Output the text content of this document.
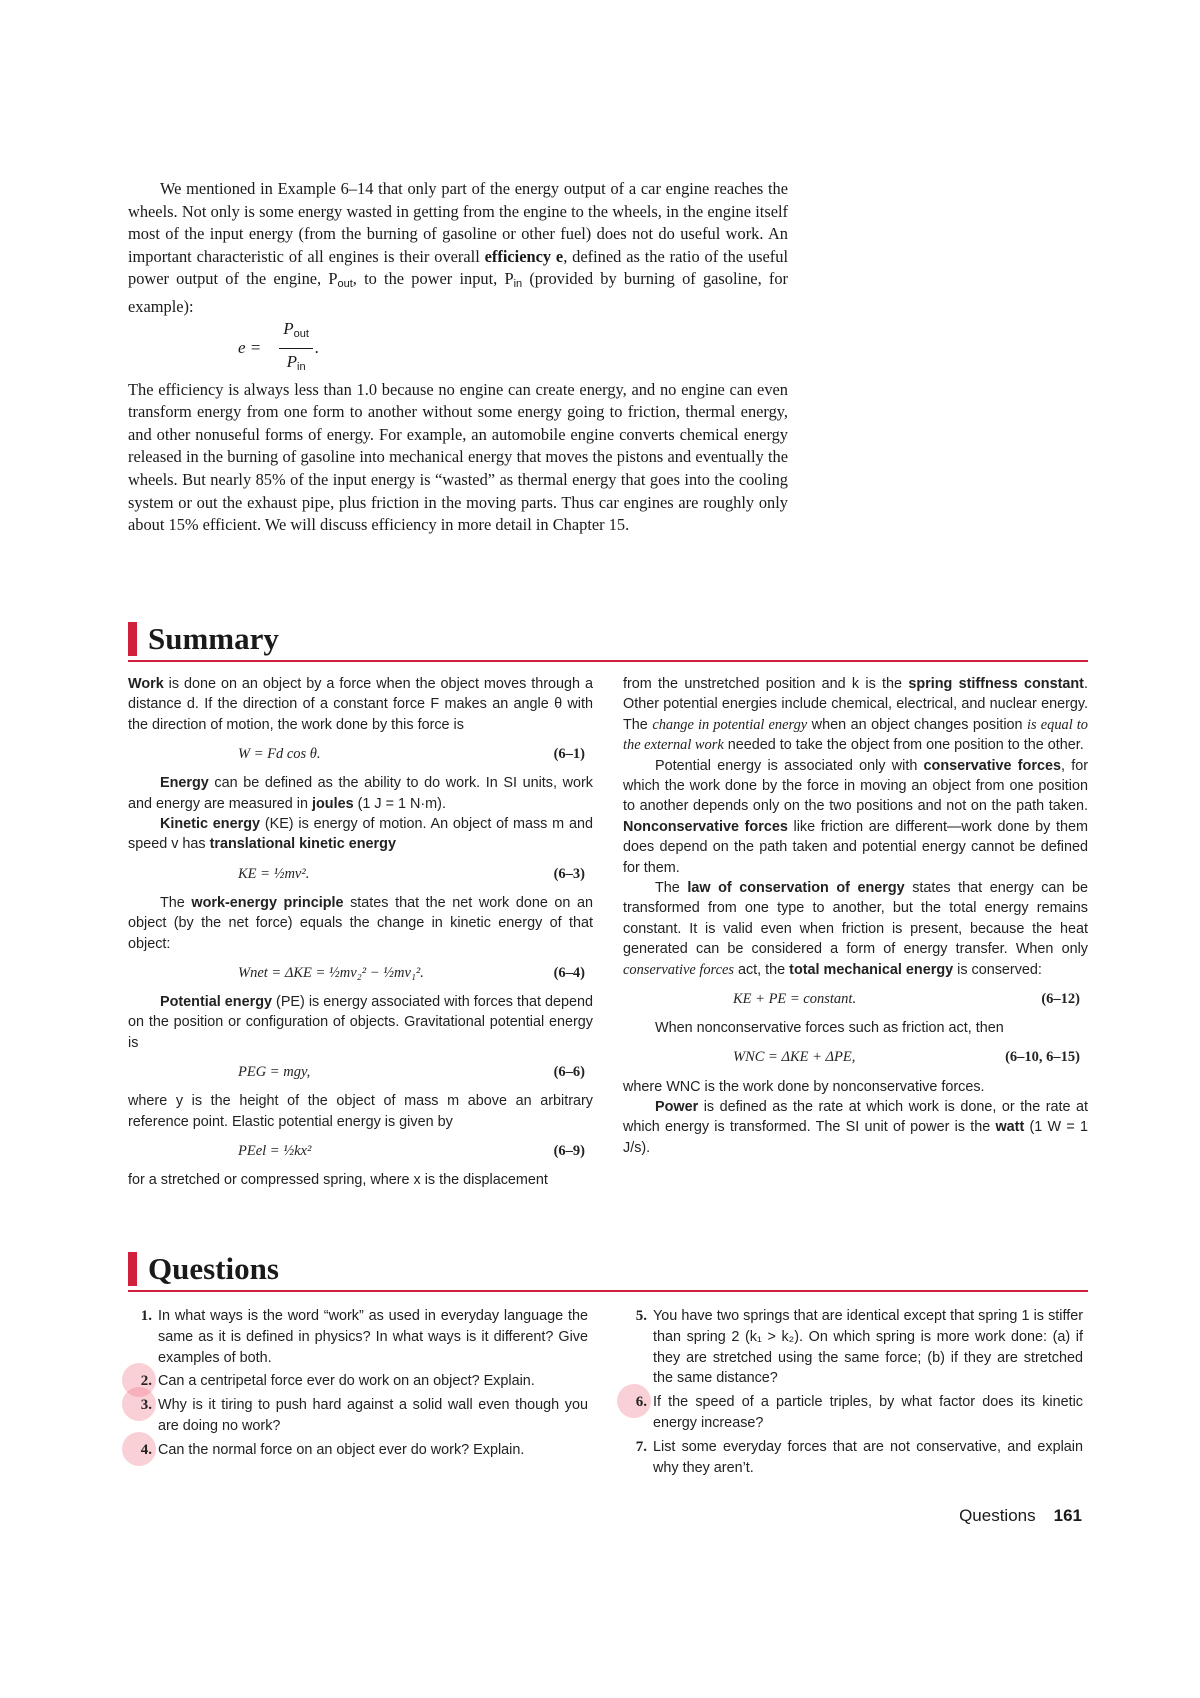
We mentioned in Example 6–14 that only part of the energy output of a car engine reaches the wheels. Not only is some energy wasted in getting from the engine to the wheels, in the engine itself most of the input energy (from the burning of gasoline or other fuel) does not do useful work. An important characteristic of all engines is their overall efficiency e, defined as the ratio of the useful power output of the engine, $P_{out}$, to the power input, $P_{in}$ (provided by burning of gasoline, for example):

$e = \frac{P_{out}}{P_{in}}$ .

The efficiency is always less than 1.0 because no engine can create energy, and no engine can even transform energy from one form to another without some energy going to friction, thermal energy, and other nonuseful forms of energy. For example, an automobile engine converts chemical energy released in the burning of gasoline into mechanical energy that moves the pistons and eventually the wheels. But nearly 85% of the input energy is “wasted” as thermal energy that goes into the cooling system or out the exhaust pipe, plus friction in the moving parts. Thus car engines are roughly only about 15% efficient. We will discuss efficiency in more detail in Chapter 15.

Summary

Work is done on an object by a force when the object moves through a distance d. If the direction of a constant force F makes an angle θ with the direction of motion, the work done by this force is

W = Fd cos θ.	(6–1)

Energy can be defined as the ability to do work. In SI units, work and energy are measured in joules (1 J = 1 N·m).

Kinetic energy (KE) is energy of motion. An object of mass m and speed v has translational kinetic energy

KE = ½mv².	(6–3)

The work-energy principle states that the net work done on an object (by the net force) equals the change in kinetic energy of that object:

Wnet = ΔKE = ½mv₂² − ½mv₁².	(6–4)

Potential energy (PE) is energy associated with forces that depend on the position or configuration of objects. Gravitational potential energy is

PEG = mgy,	(6–6)

where y is the height of the object of mass m above an arbitrary reference point. Elastic potential energy is given by

PEel = ½kx²	(6–9)

for a stretched or compressed spring, where x is the displacement

from the unstretched position and k is the spring stiffness constant. Other potential energies include chemical, electrical, and nuclear energy. The change in potential energy when an object changes position is equal to the external work needed to take the object from one position to the other.

Potential energy is associated only with conservative forces, for which the work done by the force in moving an object from one position to another depends only on the two positions and not on the path taken. Nonconservative forces like friction are different—work done by them does depend on the path taken and potential energy cannot be defined for them.

The law of conservation of energy states that energy can be transformed from one type to another, but the total energy remains constant. It is valid even when friction is present, because the heat generated can be considered a form of energy transfer. When only conservative forces act, the total mechanical energy is conserved:

KE + PE = constant.	(6–12)

When nonconservative forces such as friction act, then

WNC = ΔKE + ΔPE,	(6–10, 6–15)

where WNC is the work done by nonconservative forces.

Power is defined as the rate at which work is done, or the rate at which energy is transformed. The SI unit of power is the watt (1 W = 1 J/s).

Questions
1. In what ways is the word “work” as used in everyday language the same as it is defined in physics? In what ways is it different? Give examples of both.
2. Can a centripetal force ever do work on an object? Explain.
3. Why is it tiring to push hard against a solid wall even though you are doing no work?
4. Can the normal force on an object ever do work? Explain.
5. You have two springs that are identical except that spring 1 is stiffer than spring 2 (k₁ > k₂). On which spring is more work done: (a) if they are stretched using the same force; (b) if they are stretched the same distance?
6. If the speed of a particle triples, by what factor does its kinetic energy increase?
7. List some everyday forces that are not conservative, and explain why they aren’t.
Questions 161
